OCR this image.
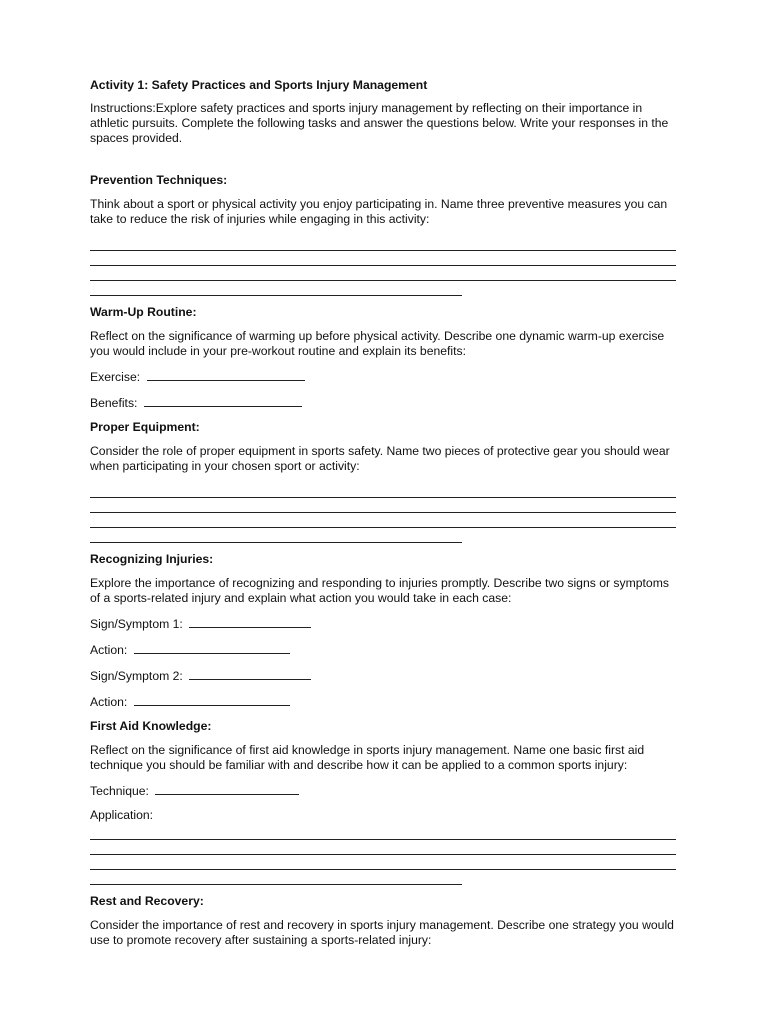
Activity 1: Safety Practices and Sports Injury Management
Instructions:Explore safety practices and sports injury management by reflecting on their importance in athletic pursuits. Complete the following tasks and answer the questions below. Write your responses in the spaces provided.
Prevention Techniques:
Think about a sport or physical activity you enjoy participating in. Name three preventive measures you can take to reduce the risk of injuries while engaging in this activity:
Warm-Up Routine:
Reflect on the significance of warming up before physical activity. Describe one dynamic warm-up exercise you would include in your pre-workout routine and explain its benefits:
Exercise:
Benefits:
Proper Equipment:
Consider the role of proper equipment in sports safety. Name two pieces of protective gear you should wear when participating in your chosen sport or activity:
Recognizing Injuries:
Explore the importance of recognizing and responding to injuries promptly. Describe two signs or symptoms of a sports-related injury and explain what action you would take in each case:
Sign/Symptom 1:
Action:
Sign/Symptom 2:
Action:
First Aid Knowledge:
Reflect on the significance of first aid knowledge in sports injury management. Name one basic first aid technique you should be familiar with and describe how it can be applied to a common sports injury:
Technique:
Application:
Rest and Recovery:
Consider the importance of rest and recovery in sports injury management. Describe one strategy you would use to promote recovery after sustaining a sports-related injury:
